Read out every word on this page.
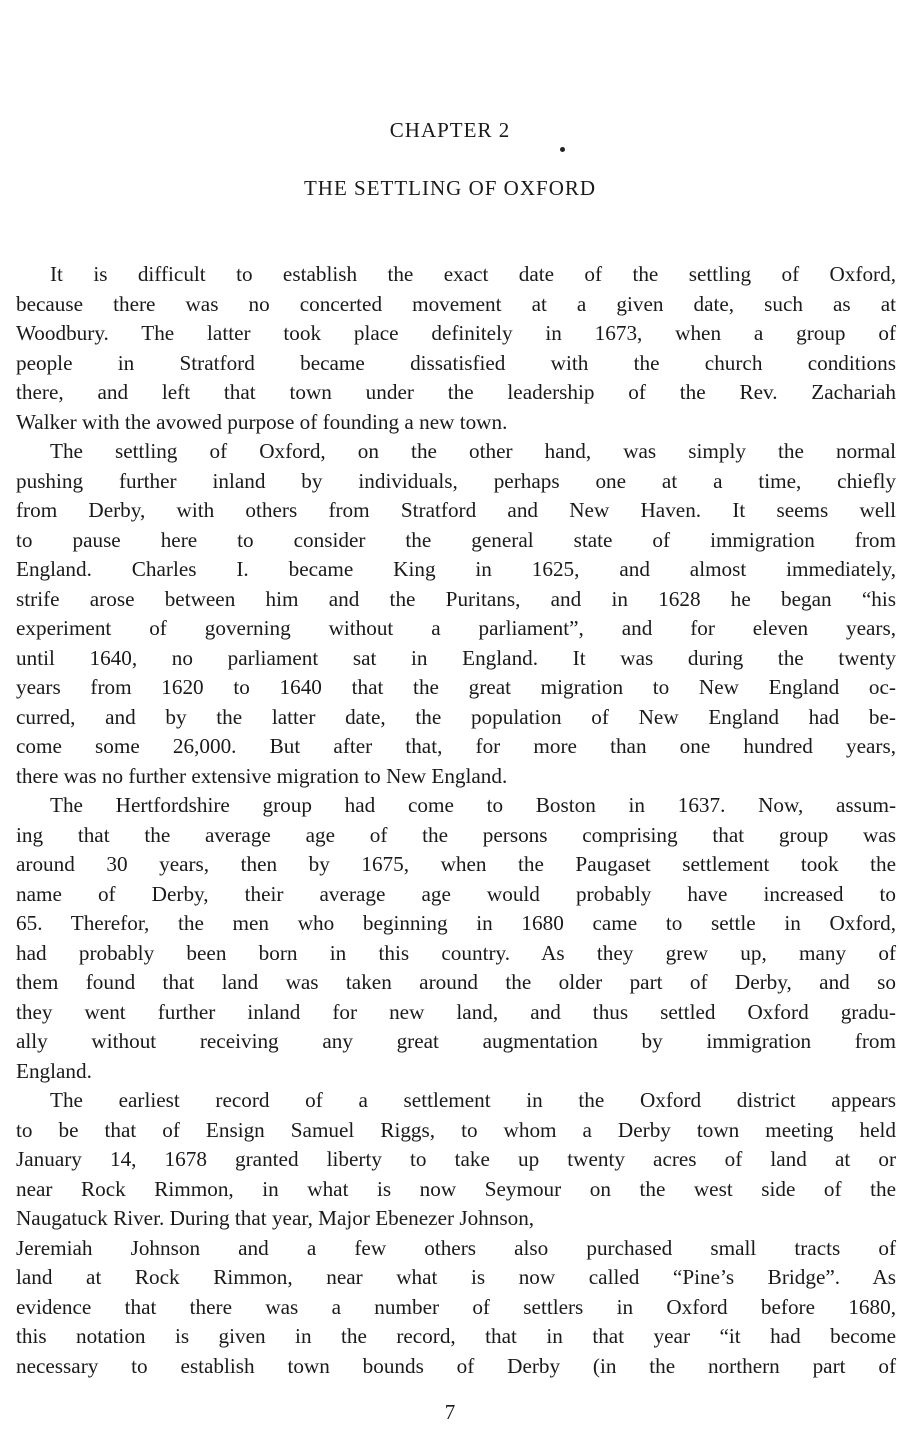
CHAPTER 2
THE SETTLING OF OXFORD
It is difficult to establish the exact date of the settling of Oxford,
because there was no concerted movement at a given date, such as at
Woodbury. The latter took place definitely in 1673, when a group of
people in Stratford became dissatisfied with the church conditions
there, and left that town under the leadership of the Rev. Zachariah
Walker with the avowed purpose of founding a new town.
The settling of Oxford, on the other hand, was simply the normal
pushing further inland by individuals, perhaps one at a time, chiefly
from Derby, with others from Stratford and New Haven. It seems well
to pause here to consider the general state of immigration from
England. Charles I. became King in 1625, and almost immediately,
strife arose between him and the Puritans, and in 1628 he began “his
experiment of governing without a parliament”, and for eleven years,
until 1640, no parliament sat in England. It was during the twenty
years from 1620 to 1640 that the great migration to New England oc-
curred, and by the latter date, the population of New England had be-
come some 26,000. But after that, for more than one hundred years,
there was no further extensive migration to New England.
The Hertfordshire group had come to Boston in 1637. Now, assum-
ing that the average age of the persons comprising that group was
around 30 years, then by 1675, when the Paugaset settlement took the
name of Derby, their average age would probably have increased to
65. Therefor, the men who beginning in 1680 came to settle in Oxford,
had probably been born in this country. As they grew up, many of
them found that land was taken around the older part of Derby, and so
they went further inland for new land, and thus settled Oxford gradu-
ally without receiving any great augmentation by immigration from
England.
The earliest record of a settlement in the Oxford district appears
to be that of Ensign Samuel Riggs, to whom a Derby town meeting held
January 14, 1678 granted liberty to take up twenty acres of land at or
near Rock Rimmon, in what is now Seymour on the west side of the
Naugatuck River. During that year, Major Ebenezer Johnson,
Jeremiah Johnson and a few others also purchased small tracts of
land at Rock Rimmon, near what is now called “Pine’s Bridge”. As
evidence that there was a number of settlers in Oxford before 1680,
this notation is given in the record, that in that year “it had become
necessary to establish town bounds of Derby (in the northern part of
7
